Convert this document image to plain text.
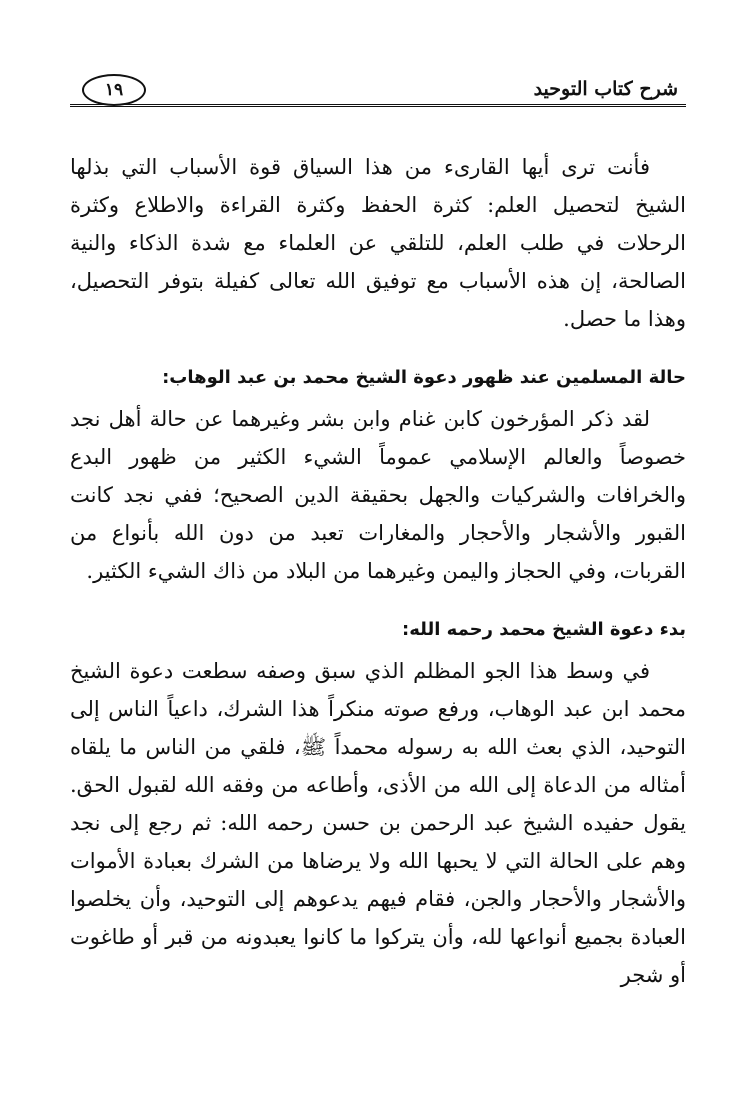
شرح كتاب التوحيد
١٩

فأنت ترى أيها القارىء من هذا السياق قوة الأسباب التي بذلها الشيخ لتحصيل العلم: كثرة الحفظ وكثرة القراءة والاطلاع وكثرة الرحلات في طلب العلم، للتلقي عن العلماء مع شدة الذكاء والنية الصالحة، إن هذه الأسباب مع توفيق الله تعالى كفيلة بتوفر التحصيل، وهذا ما حصل.

حالة المسلمين عند ظهور دعوة الشيخ محمد بن عبد الوهاب:

لقد ذكر المؤرخون كابن غنام وابن بشر وغيرهما عن حالة أهل نجد خصوصاً والعالم الإسلامي عموماً الشيء الكثير من ظهور البدع والخرافات والشركيات والجهل بحقيقة الدين الصحيح؛ ففي نجد كانت القبور والأشجار والأحجار والمغارات تعبد من دون الله بأنواع من القربات، وفي الحجاز واليمن وغيرهما من البلاد من ذاك الشيء الكثير.

بدء دعوة الشيخ محمد رحمه الله:

في وسط هذا الجو المظلم الذي سبق وصفه سطعت دعوة الشيخ محمد ابن عبد الوهاب، ورفع صوته منكراً هذا الشرك، داعياً الناس إلى التوحيد، الذي بعث الله به رسوله محمداً ﷺ، فلقي من الناس ما يلقاه أمثاله من الدعاة إلى الله من الأذى، وأطاعه من وفقه الله لقبول الحق. يقول حفيده الشيخ عبد الرحمن بن حسن رحمه الله: ثم رجع إلى نجد وهم على الحالة التي لا يحبها الله ولا يرضاها من الشرك بعبادة الأموات والأشجار والأحجار والجن، فقام فيهم يدعوهم إلى التوحيد، وأن يخلصوا العبادة بجميع أنواعها لله، وأن يتركوا ما كانوا يعبدونه من قبر أو طاغوت أو شجر
